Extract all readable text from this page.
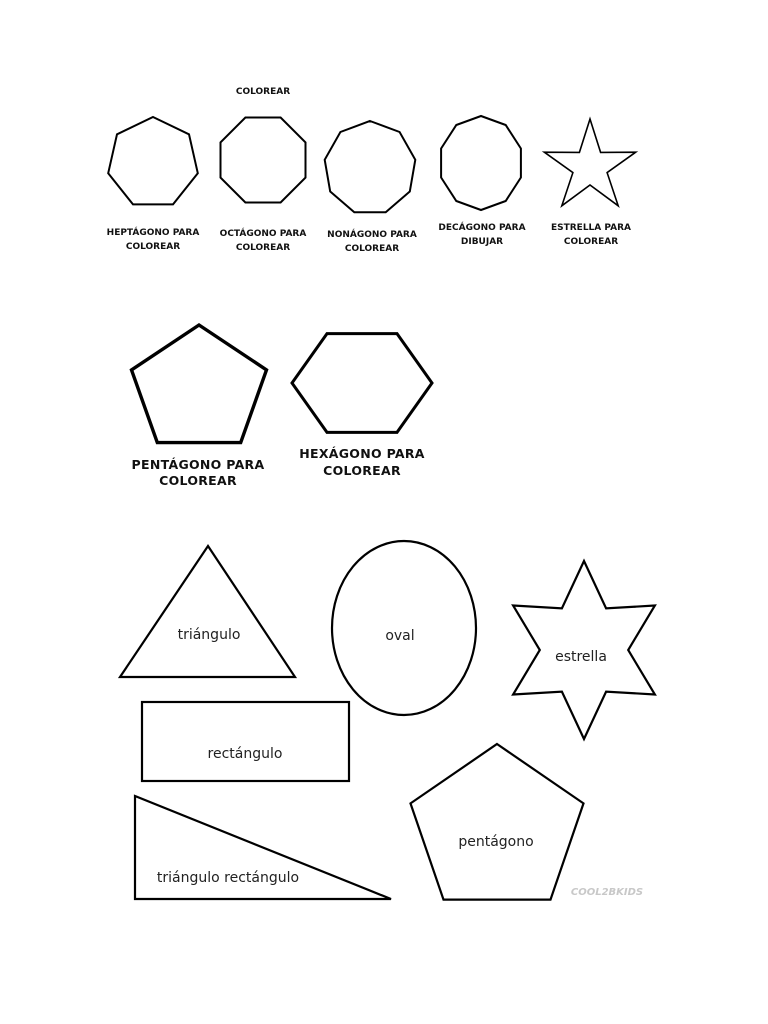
COLOREAR
HEPTÁGONO PARA
COLOREAR
OCTÁGONO PARA
COLOREAR
NONÁGONO PARA
COLOREAR
DECÁGONO PARA
DIBUJAR
ESTRELLA PARA
COLOREAR
PENTÁGONO PARA
COLOREAR
HEXÁGONO PARA
COLOREAR
triángulo	oval
estrella
rectángulo
triángulo rectángulo
pentágono
COOL2BKIDS
